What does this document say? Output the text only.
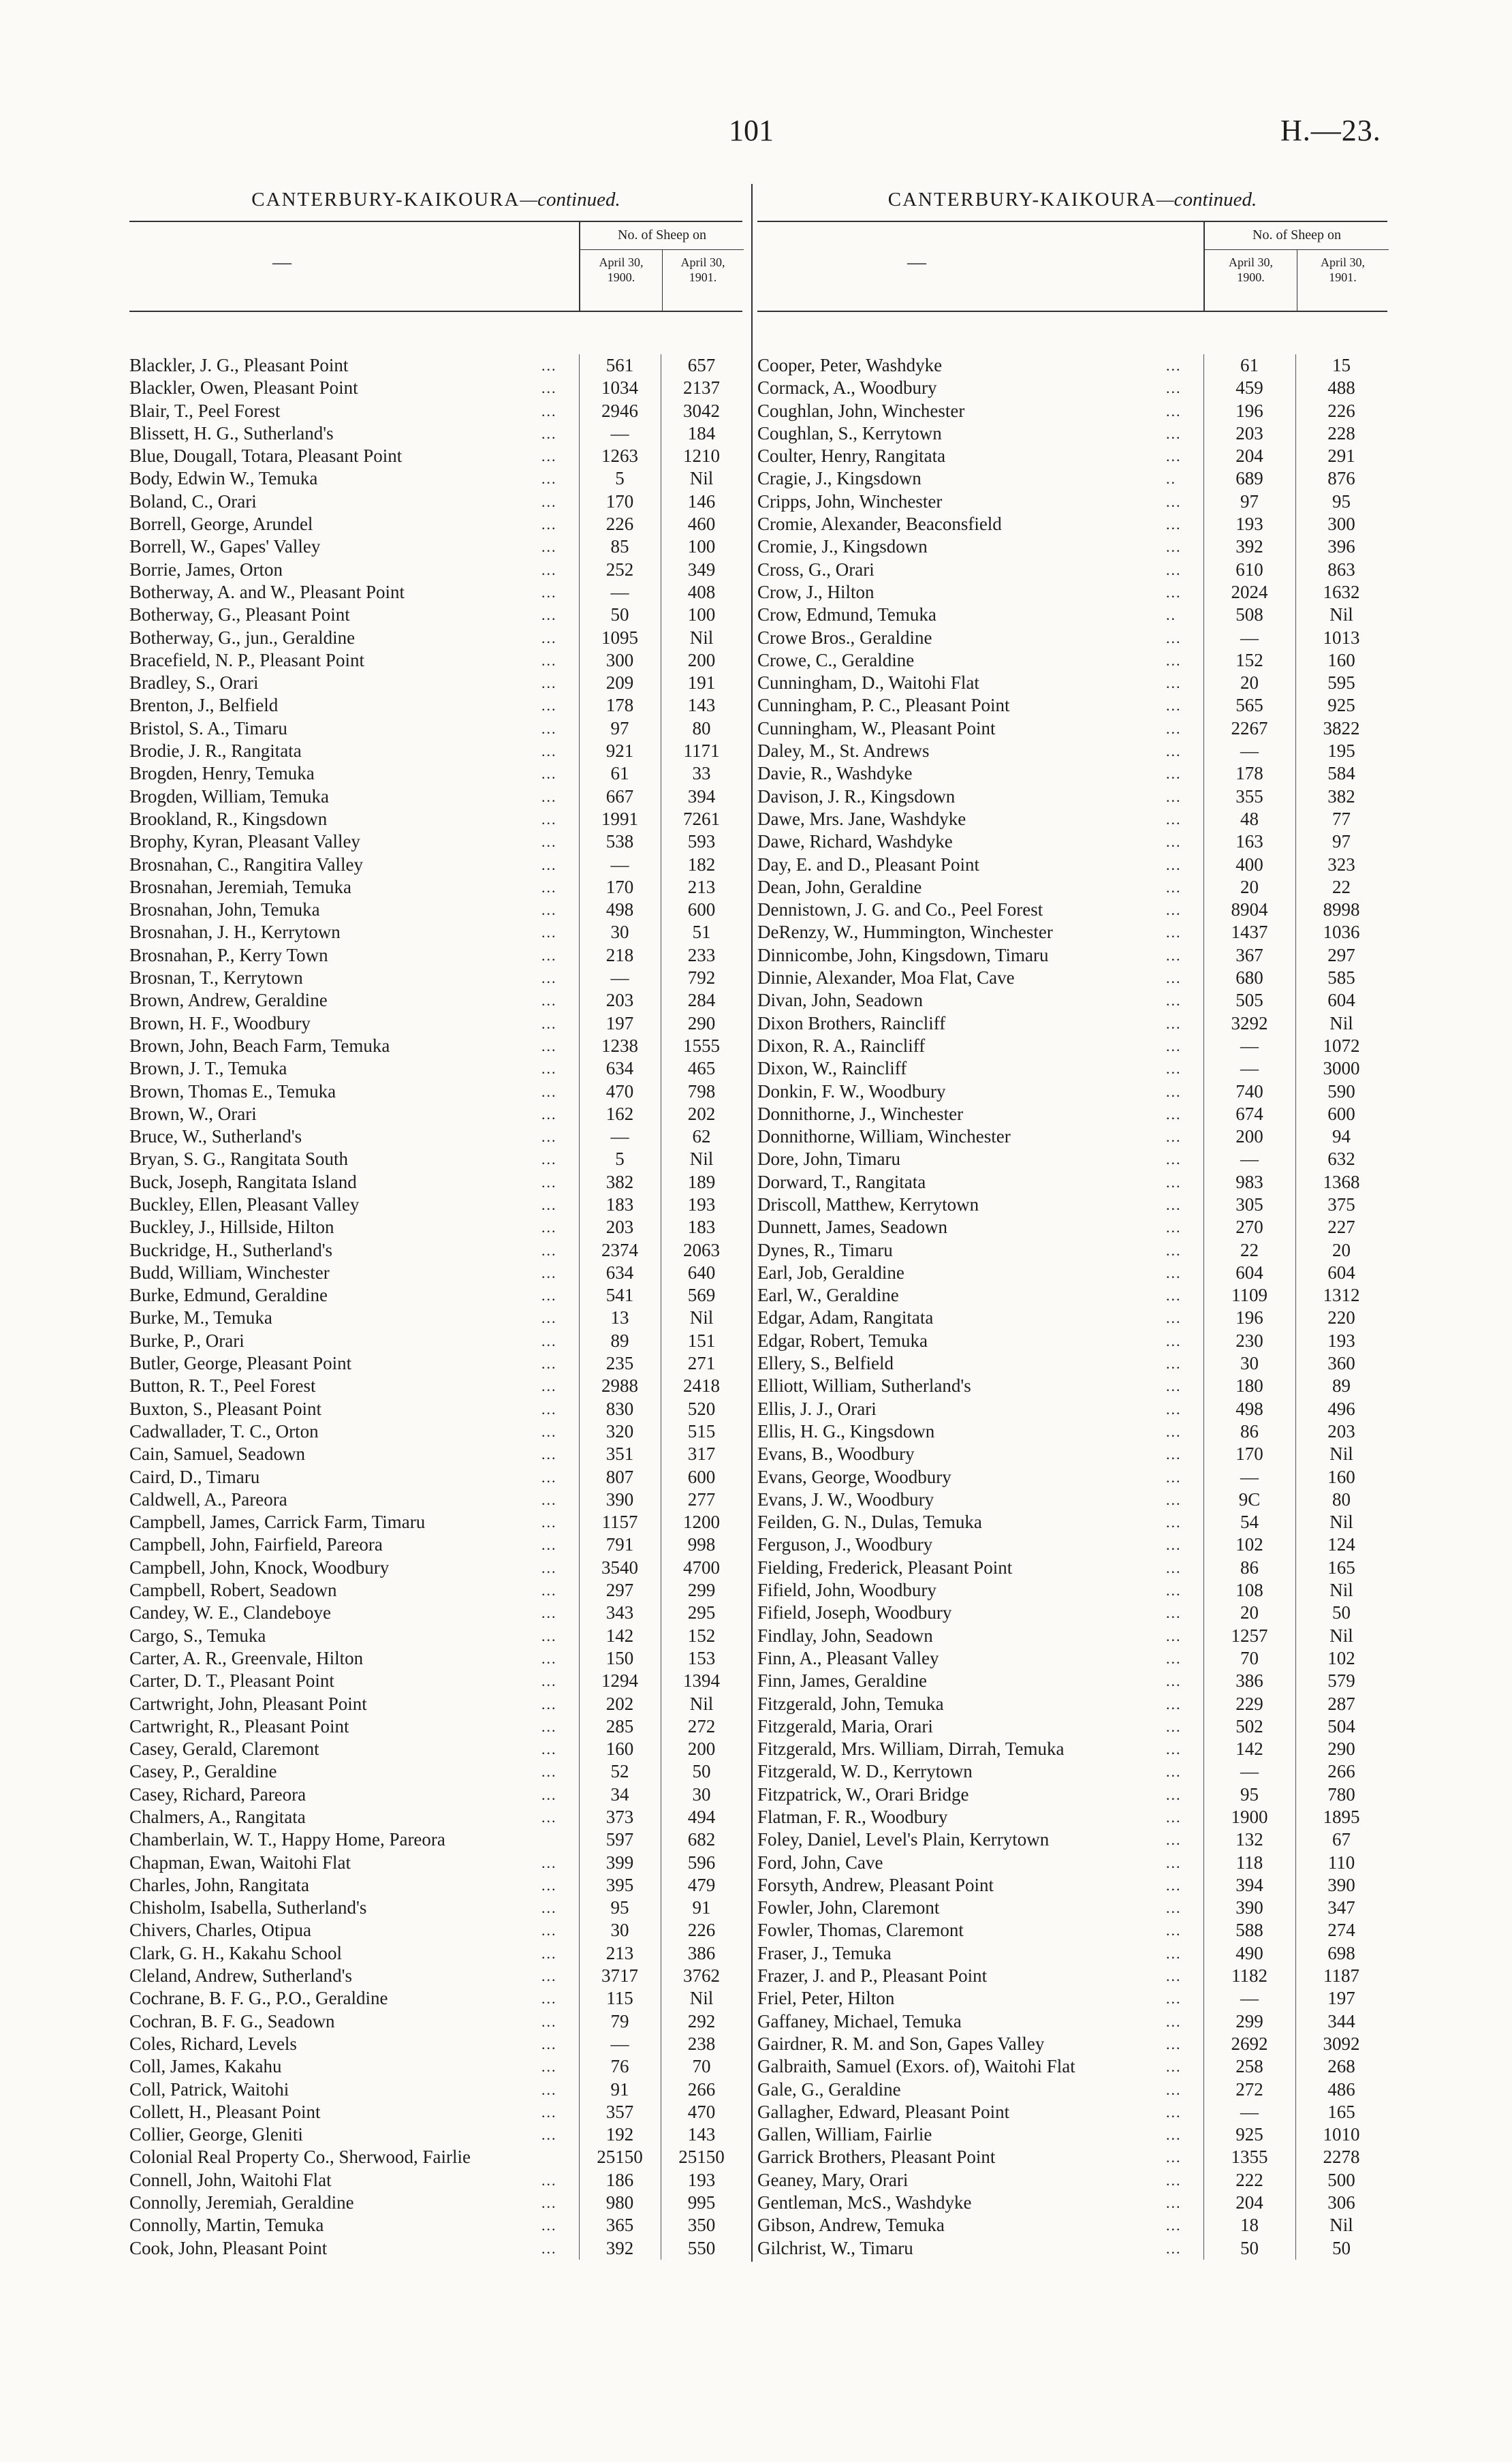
101	H.—23.
CANTERBURY-KAIKOURA—continued.
—
No. of Sheep on
April 30,
1900.
April 30,
1901.
Blackler, J. G., Pleasant Point	...	561	657
Blackler, Owen, Pleasant Point	...	1034	2137
Blair, T., Peel Forest	...	2946	3042
Blissett, H. G., Sutherland's	...	—	184
Blue, Dougall, Totara, Pleasant Point	...	1263	1210
Body, Edwin W., Temuka	...	5	Nil
Boland, C., Orari	...	170	146
Borrell, George, Arundel	...	226	460
Borrell, W., Gapes' Valley	...	85	100
Borrie, James, Orton	...	252	349
Botherway, A. and W., Pleasant Point	...	—	408
Botherway, G., Pleasant Point	...	50	100
Botherway, G., jun., Geraldine	...	1095	Nil
Bracefield, N. P., Pleasant Point	...	300	200
Bradley, S., Orari	...	209	191
Brenton, J., Belfield	...	178	143
Bristol, S. A., Timaru	...	97	80
Brodie, J. R., Rangitata	...	921	1171
Brogden, Henry, Temuka	...	61	33
Brogden, William, Temuka	...	667	394
Brookland, R., Kingsdown	...	1991	7261
Brophy, Kyran, Pleasant Valley	...	538	593
Brosnahan, C., Rangitira Valley	...	—	182
Brosnahan, Jeremiah, Temuka	...	170	213
Brosnahan, John, Temuka	...	498	600
Brosnahan, J. H., Kerrytown	...	30	51
Brosnahan, P., Kerry Town	...	218	233
Brosnan, T., Kerrytown	...	—	792
Brown, Andrew, Geraldine	...	203	284
Brown, H. F., Woodbury	...	197	290
Brown, John, Beach Farm, Temuka	...	1238	1555
Brown, J. T., Temuka	...	634	465
Brown, Thomas E., Temuka	...	470	798
Brown, W., Orari	...	162	202
Bruce, W., Sutherland's	...	—	62
Bryan, S. G., Rangitata South	...	5	Nil
Buck, Joseph, Rangitata Island	...	382	189
Buckley, Ellen, Pleasant Valley	...	183	193
Buckley, J., Hillside, Hilton	...	203	183
Buckridge, H., Sutherland's	...	2374	2063
Budd, William, Winchester	...	634	640
Burke, Edmund, Geraldine	...	541	569
Burke, M., Temuka	...	13	Nil
Burke, P., Orari	...	89	151
Butler, George, Pleasant Point	...	235	271
Button, R. T., Peel Forest	...	2988	2418
Buxton, S., Pleasant Point	...	830	520
Cadwallader, T. C., Orton	...	320	515
Cain, Samuel, Seadown	...	351	317
Caird, D., Timaru	...	807	600
Caldwell, A., Pareora	...	390	277
Campbell, James, Carrick Farm, Timaru	...	1157	1200
Campbell, John, Fairfield, Pareora	...	791	998
Campbell, John, Knock, Woodbury	...	3540	4700
Campbell, Robert, Seadown	...	297	299
Candey, W. E., Clandeboye	...	343	295
Cargo, S., Temuka	...	142	152
Carter, A. R., Greenvale, Hilton	...	150	153
Carter, D. T., Pleasant Point	...	1294	1394
Cartwright, John, Pleasant Point	...	202	Nil
Cartwright, R., Pleasant Point	...	285	272
Casey, Gerald, Claremont	...	160	200
Casey, P., Geraldine	...	52	50
Casey, Richard, Pareora	...	34	30
Chalmers, A., Rangitata	...	373	494
Chamberlain, W. T., Happy Home, Pareora	597	682
Chapman, Ewan, Waitohi Flat	...	399	596
Charles, John, Rangitata	...	395	479
Chisholm, Isabella, Sutherland's	...	95	91
Chivers, Charles, Otipua	...	30	226
Clark, G. H., Kakahu School	...	213	386
Cleland, Andrew, Sutherland's	...	3717	3762
Cochrane, B. F. G., P.O., Geraldine	...	115	Nil
Cochran, B. F. G., Seadown	...	79	292
Coles, Richard, Levels	...	—	238
Coll, James, Kakahu	...	76	70
Coll, Patrick, Waitohi	...	91	266
Collett, H., Pleasant Point	...	357	470
Collier, George, Gleniti	...	192	143
Colonial Real Property Co., Sherwood, Fairlie	25150	25150
Connell, John, Waitohi Flat	...	186	193
Connolly, Jeremiah, Geraldine	...	980	995
Connolly, Martin, Temuka	...	365	350
Cook, John, Pleasant Point	...	392	550
CANTERBURY-KAIKOURA—continued.
—
No. of Sheep on
April 30,
1900.
April 30,
1901.
Cooper, Peter, Washdyke	...	61	15
Cormack, A., Woodbury	...	459	488
Coughlan, John, Winchester	...	196	226
Coughlan, S., Kerrytown	...	203	228
Coulter, Henry, Rangitata	...	204	291
Cragie, J., Kingsdown	..	689	876
Cripps, John, Winchester	...	97	95
Cromie, Alexander, Beaconsfield	...	193	300
Cromie, J., Kingsdown	...	392	396
Cross, G., Orari	...	610	863
Crow, J., Hilton	...	2024	1632
Crow, Edmund, Temuka	..	508	Nil
Crowe Bros., Geraldine	...	—	1013
Crowe, C., Geraldine	...	152	160
Cunningham, D., Waitohi Flat	...	20	595
Cunningham, P. C., Pleasant Point	...	565	925
Cunningham, W., Pleasant Point	...	2267	3822
Daley, M., St. Andrews	...	—	195
Davie, R., Washdyke	...	178	584
Davison, J. R., Kingsdown	...	355	382
Dawe, Mrs. Jane, Washdyke	...	48	77
Dawe, Richard, Washdyke	...	163	97
Day, E. and D., Pleasant Point	...	400	323
Dean, John, Geraldine	...	20	22
Dennistown, J. G. and Co., Peel Forest	...	8904	8998
DeRenzy, W., Hummington, Winchester	...	1437	1036
Dinnicombe, John, Kingsdown, Timaru	...	367	297
Dinnie, Alexander, Moa Flat, Cave	...	680	585
Divan, John, Seadown	...	505	604
Dixon Brothers, Raincliff	...	3292	Nil
Dixon, R. A., Raincliff	...	—	1072
Dixon, W., Raincliff	...	—	3000
Donkin, F. W., Woodbury	...	740	590
Donnithorne, J., Winchester	...	674	600
Donnithorne, William, Winchester	...	200	94
Dore, John, Timaru	...	—	632
Dorward, T., Rangitata	...	983	1368
Driscoll, Matthew, Kerrytown	...	305	375
Dunnett, James, Seadown	...	270	227
Dynes, R., Timaru	...	22	20
Earl, Job, Geraldine	...	604	604
Earl, W., Geraldine	...	1109	1312
Edgar, Adam, Rangitata	...	196	220
Edgar, Robert, Temuka	...	230	193
Ellery, S., Belfield	...	30	360
Elliott, William, Sutherland's	...	180	89
Ellis, J. J., Orari	...	498	496
Ellis, H. G., Kingsdown	...	86	203
Evans, B., Woodbury	...	170	Nil
Evans, George, Woodbury	...	—	160
Evans, J. W., Woodbury	...	9C	80
Feilden, G. N., Dulas, Temuka	...	54	Nil
Ferguson, J., Woodbury	...	102	124
Fielding, Frederick, Pleasant Point	...	86	165
Fifield, John, Woodbury	...	108	Nil
Fifield, Joseph, Woodbury	...	20	50
Findlay, John, Seadown	...	1257	Nil
Finn, A., Pleasant Valley	...	70	102
Finn, James, Geraldine	...	386	579
Fitzgerald, John, Temuka	...	229	287
Fitzgerald, Maria, Orari	...	502	504
Fitzgerald, Mrs. William, Dirrah, Temuka	...	142	290
Fitzgerald, W. D., Kerrytown	...	—	266
Fitzpatrick, W., Orari Bridge	...	95	780
Flatman, F. R., Woodbury	...	1900	1895
Foley, Daniel, Level's Plain, Kerrytown	...	132	67
Ford, John, Cave	...	118	110
Forsyth, Andrew, Pleasant Point	...	394	390
Fowler, John, Claremont	...	390	347
Fowler, Thomas, Claremont	...	588	274
Fraser, J., Temuka	...	490	698
Frazer, J. and P., Pleasant Point	...	1182	1187
Friel, Peter, Hilton	...	—	197
Gaffaney, Michael, Temuka	...	299	344
Gairdner, R. M. and Son, Gapes Valley	...	2692	3092
Galbraith, Samuel (Exors. of), Waitohi Flat	...	258	268
Gale, G., Geraldine	...	272	486
Gallagher, Edward, Pleasant Point	...	—	165
Gallen, William, Fairlie	...	925	1010
Garrick Brothers, Pleasant Point	...	1355	2278
Geaney, Mary, Orari	...	222	500
Gentleman, McS., Washdyke	...	204	306
Gibson, Andrew, Temuka	...	18	Nil
Gilchrist, W., Timaru	...	50	50
